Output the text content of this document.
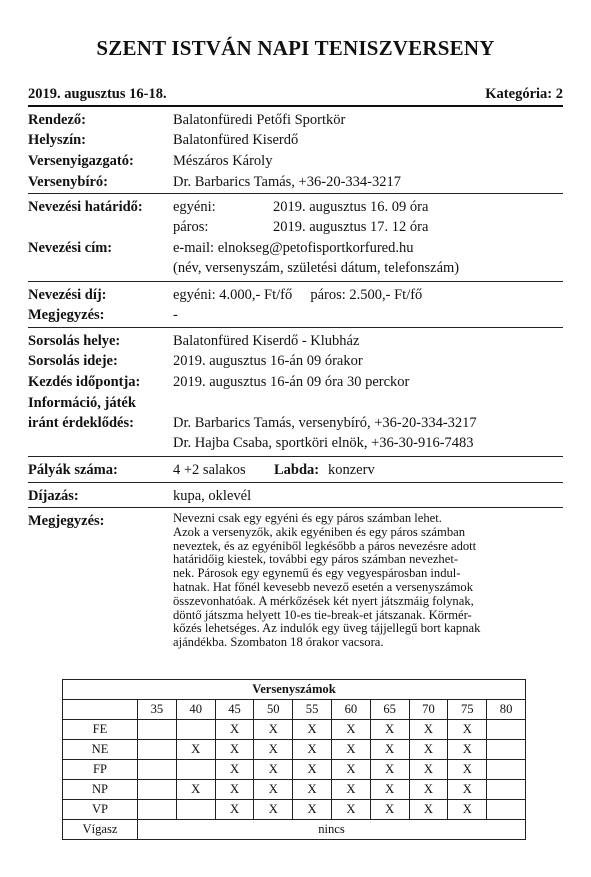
SZENT ISTVÁN NAPI TENISZVERSENY
2019. augusztus 16-18.	Kategória: 2
Rendező:	Balatonfüredi Petőfi Sportkör
Helyszín:	Balatonfüred Kiserdő
Versenyigazgató:	Mészáros Károly
Versenybíró:	Dr. Barbarics Tamás, +36-20-334-3217
Nevezési határidő: egyéni:	2019. augusztus 16. 09 óra
páros:	2019. augusztus 17. 12 óra
Nevezési cím:	e-mail: elnokseg@petofisportkorfured.hu
(név, versenyszám, születési dátum, telefonszám)
Nevezési díj:	egyéni: 4.000,- Ft/fő     páros: 2.500,- Ft/fő
Megjegyzés:	-
Sorsolás helye:	Balatonfüred Kiserdő - Klubház
Sorsolás ideje:	2019. augusztus 16-án 09 órakor
Kezdés időpontja: 2019. augusztus 16-án 09 óra 30 perckor
Információ, játék
iránt érdeklődés:	Dr. Barbarics Tamás, versenybíró, +36-20-334-3217
Dr. Hajba Csaba, sportköri elnök, +36-30-916-7483
Pályák száma:	4 +2 salakos Labda: konzerv
Díjazás:	kupa, oklevél
Megjegyzés:	Nevezni csak egy egyéni és egy páros számban lehet.
Azok a versenyzők, akik egyéniben és egy páros számban
neveztek, és az egyéniből legkésőbb a páros nevezésre adott
határidőig kiestek, további egy páros számban nevezhet-
nek. Párosok egy egynemű és egy vegyespárosban indul-
hatnak. Hat főnél kevesebb nevező esetén a versenyszámok
összevonhatóak. A mérkőzések két nyert játszmáig folynak,
döntő játszma helyett 10-es tie-break-et játszanak. Körmér-
kőzés lehetséges. Az indulók egy üveg tájjellegű bort kapnak
ajándékba. Szombaton 18 órakor vacsora.
Versenyszámok										
	35	40	45	50	55	60	65	70	75	80
FE			X	X	X	X	X	X	X	
NE		X	X	X	X	X	X	X	X	
FP			X	X	X	X	X	X	X	
NP		X	X	X	X	X	X	X	X	
VP			X	X	X	X	X	X	X	
Vígasz	nincs									
